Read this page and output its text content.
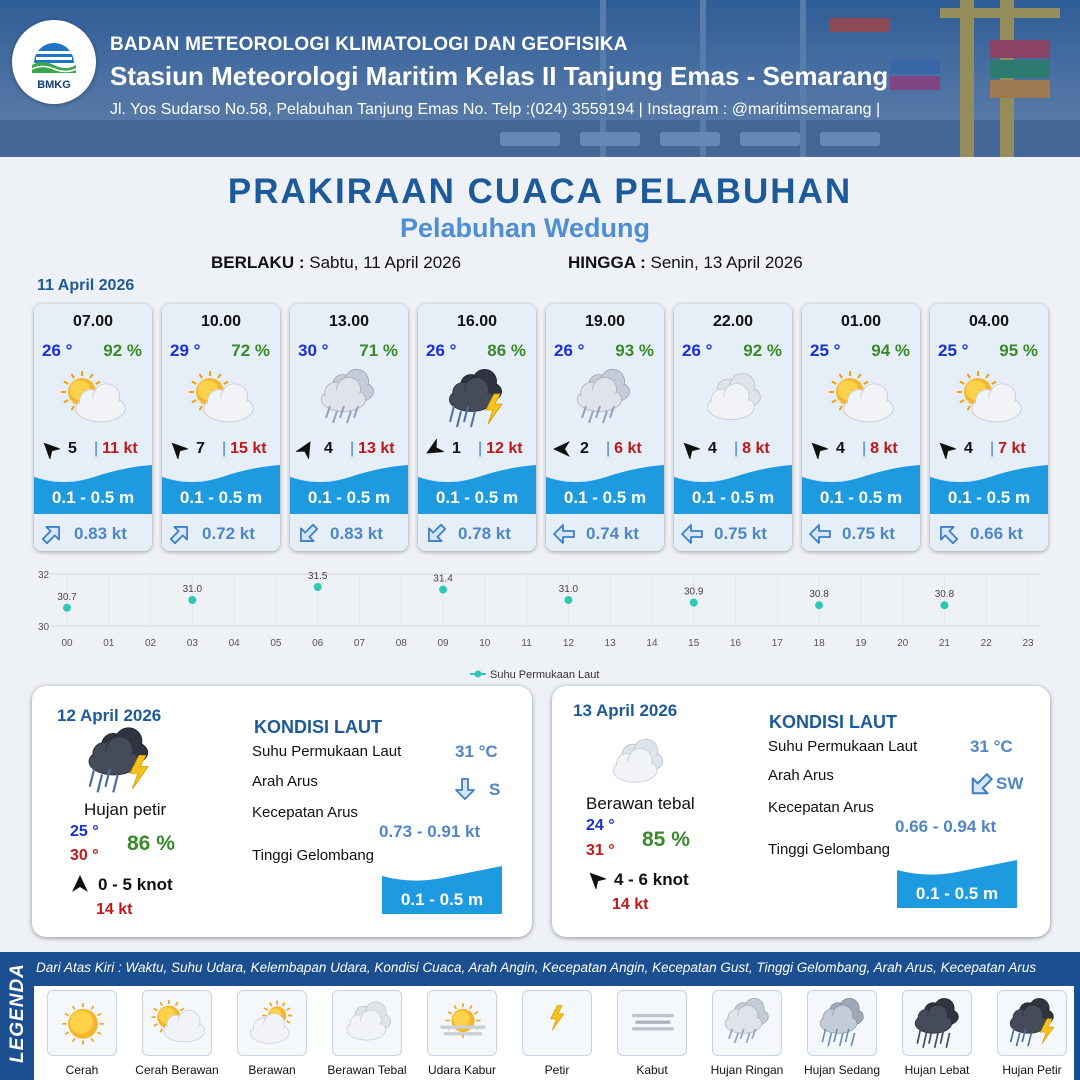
BMKG
BADAN METEOROLOGI KLIMATOLOGI DAN GEOFISIKA
Stasiun Meteorologi Maritim Kelas II Tanjung Emas - Semarang
Jl. Yos Sudarso No.58, Pelabuhan Tanjung Emas No. Telp :(024) 3559194 | Instagram : @maritimsemarang |
PRAKIRAAN CUACA PELABUHAN
Pelabuhan Wedung
BERLAKU : Sabtu, 11 April 2026	HINGGA : Senin, 13 April 2026
11 April 2026
07.00
26 ° 92 %
5 | 11 kt
0.1 - 0.5 m
0.83 kt
10.00
29 ° 72 %
7 | 15 kt
0.1 - 0.5 m
0.72 kt
13.00
30 ° 71 %
4 | 13 kt
0.1 - 0.5 m
0.83 kt
16.00
26 ° 86 %
1 | 12 kt
0.1 - 0.5 m
0.78 kt
19.00
26 ° 93 %
2 | 6 kt
0.1 - 0.5 m
0.74 kt
22.00
26 ° 92 %
4 | 8 kt
0.1 - 0.5 m
0.75 kt
01.00
25 ° 94 %
4 | 8 kt
0.1 - 0.5 m
0.75 kt
04.00
25 ° 95 %
4 | 7 kt
0.1 - 0.5 m
0.66 kt
30
32
00	01	02	03	04	05	06	07	08	09	10	11	12	13	14	15	16	17	18	19	20	21	22	23
30.7
31.0
31.5	31.4
31.0	30.9	30.8	30.8
Suhu Permukaan Laut
12 April 2026
Hujan petir
25 °
30 °
86 %
0 - 5 knot
14 kt
KONDISI LAUT
Suhu Permukaan Laut	31 °C
Arah Arus	S
Kecepatan Arus
0.73 - 0.91 kt
Tinggi Gelombang
0.1 - 0.5 m
13 April 2026
Berawan tebal
24 °
31 ° 85 %
4 - 6 knot
14 kt
KONDISI LAUT
Suhu Permukaan Laut	31 °C
Arah Arus	SW
Kecepatan Arus
0.66 - 0.94 kt
Tinggi Gelombang
0.1 - 0.5 m
LEGENDA Dari Atas Kiri : Waktu, Suhu Udara, Kelembapan Udara, Kondisi Cuaca, Arah Angin, Kecepatan Angin, Kecepatan Gust, Tinggi Gelombang, Arah Arus, Kecepatan Arus
Cerah	Cerah Berawan	Berawan	Berawan Tebal	Udara Kabur	Petir	Kabut	Hujan Ringan	Hujan Sedang	Hujan Lebat	Hujan Petir
